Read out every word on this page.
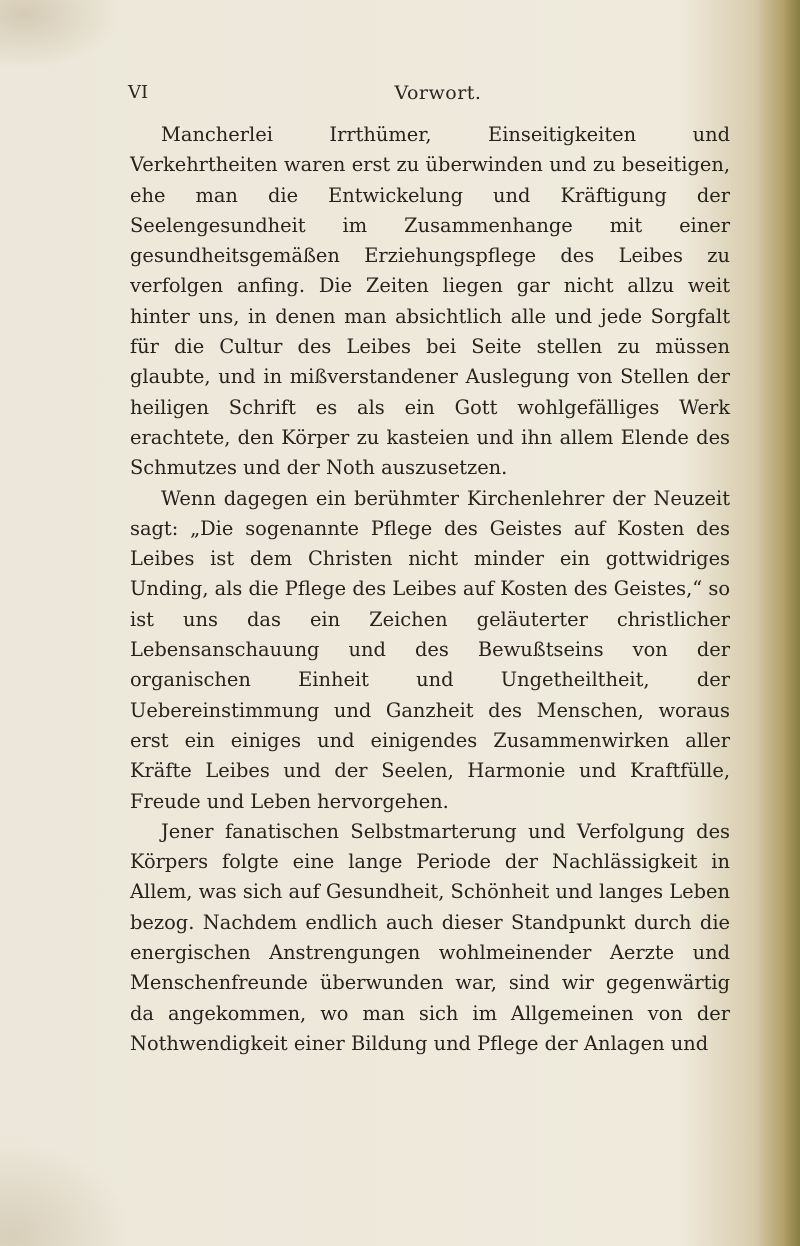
VI	Vorwort.

Mancherlei Irrthümer, Einseitigkeiten und Verkehrtheiten waren erst zu überwinden und zu beseitigen, ehe man die Entwickelung und Kräftigung der Seelengesundheit im Zusammenhange mit einer gesundheitsgemäßen Erziehungspflege des Leibes zu verfolgen anfing. Die Zeiten liegen gar nicht allzu weit hinter uns, in denen man absichtlich alle und jede Sorgfalt für die Cultur des Leibes bei Seite stellen zu müssen glaubte, und in mißverstandener Auslegung von Stellen der heiligen Schrift es als ein Gott wohlgefälliges Werk erachtete, den Körper zu kasteien und ihn allem Elende des Schmutzes und der Noth auszusetzen.

Wenn dagegen ein berühmter Kirchenlehrer der Neuzeit sagt: „Die sogenannte Pflege des Geistes auf Kosten des Leibes ist dem Christen nicht minder ein gottwidriges Unding, als die Pflege des Leibes auf Kosten des Geistes,“ so ist uns das ein Zeichen geläuterter christlicher Lebensanschauung und des Bewußtseins von der organischen Einheit und Ungetheiltheit, der Uebereinstimmung und Ganzheit des Menschen, woraus erst ein einiges und einigendes Zusammenwirken aller Kräfte Leibes und der Seelen, Harmonie und Kraftfülle, Freude und Leben hervorgehen.

Jener fanatischen Selbstmarterung und Verfolgung des Körpers folgte eine lange Periode der Nachlässigkeit in Allem, was sich auf Gesundheit, Schönheit und langes Leben bezog. Nachdem endlich auch dieser Standpunkt durch die energischen Anstrengungen wohlmeinender Aerzte und Menschenfreunde überwunden war, sind wir gegenwärtig da angekommen, wo man sich im Allgemeinen von der Nothwendigkeit einer Bildung und Pflege der Anlagen und
